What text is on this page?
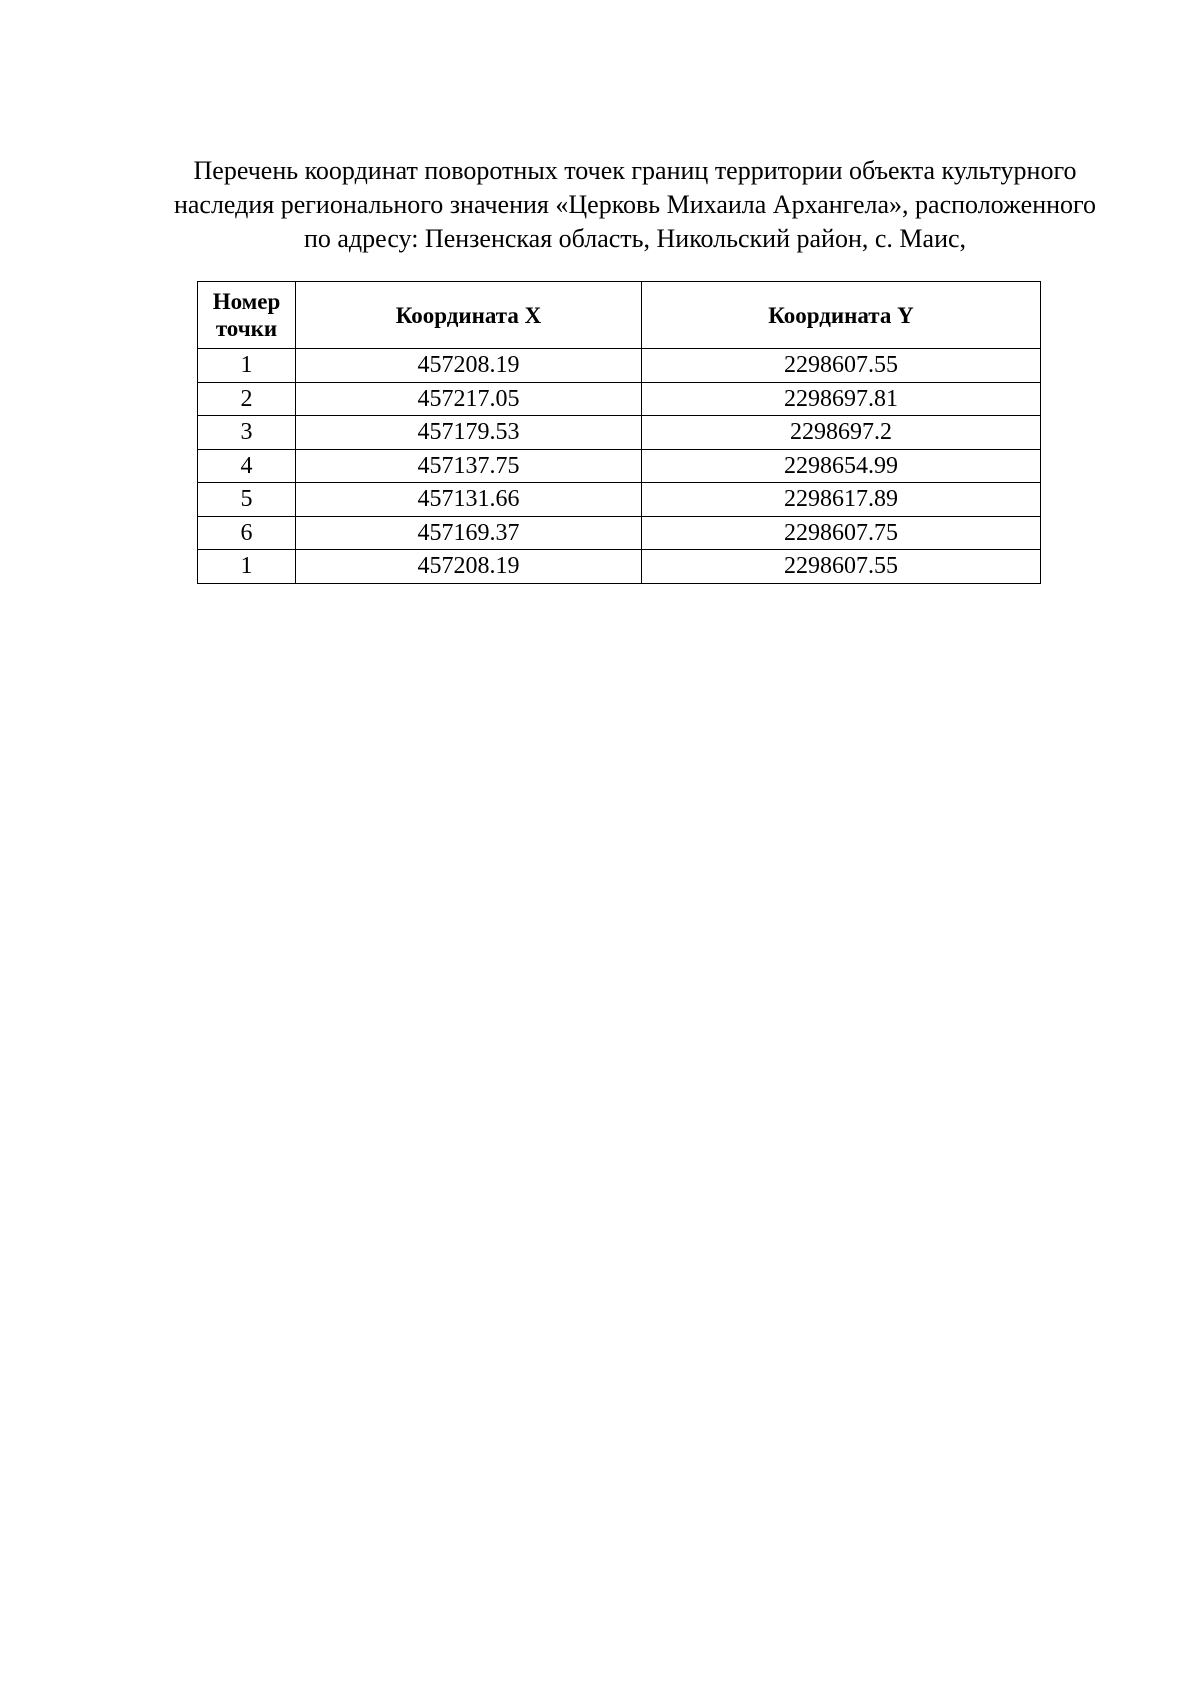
Перечень координат поворотных точек границ территории объекта культурного
наследия регионального значения «Церковь Михаила Архангела», расположенного
по адресу: Пензенская область, Никольский район, с. Маис,
Номер
точки	Координата X	Координата Y
1	457208.19	2298607.55
2	457217.05	2298697.81
3	457179.53	2298697.2
4	457137.75	2298654.99
5	457131.66	2298617.89
6	457169.37	2298607.75
1	457208.19	2298607.55
